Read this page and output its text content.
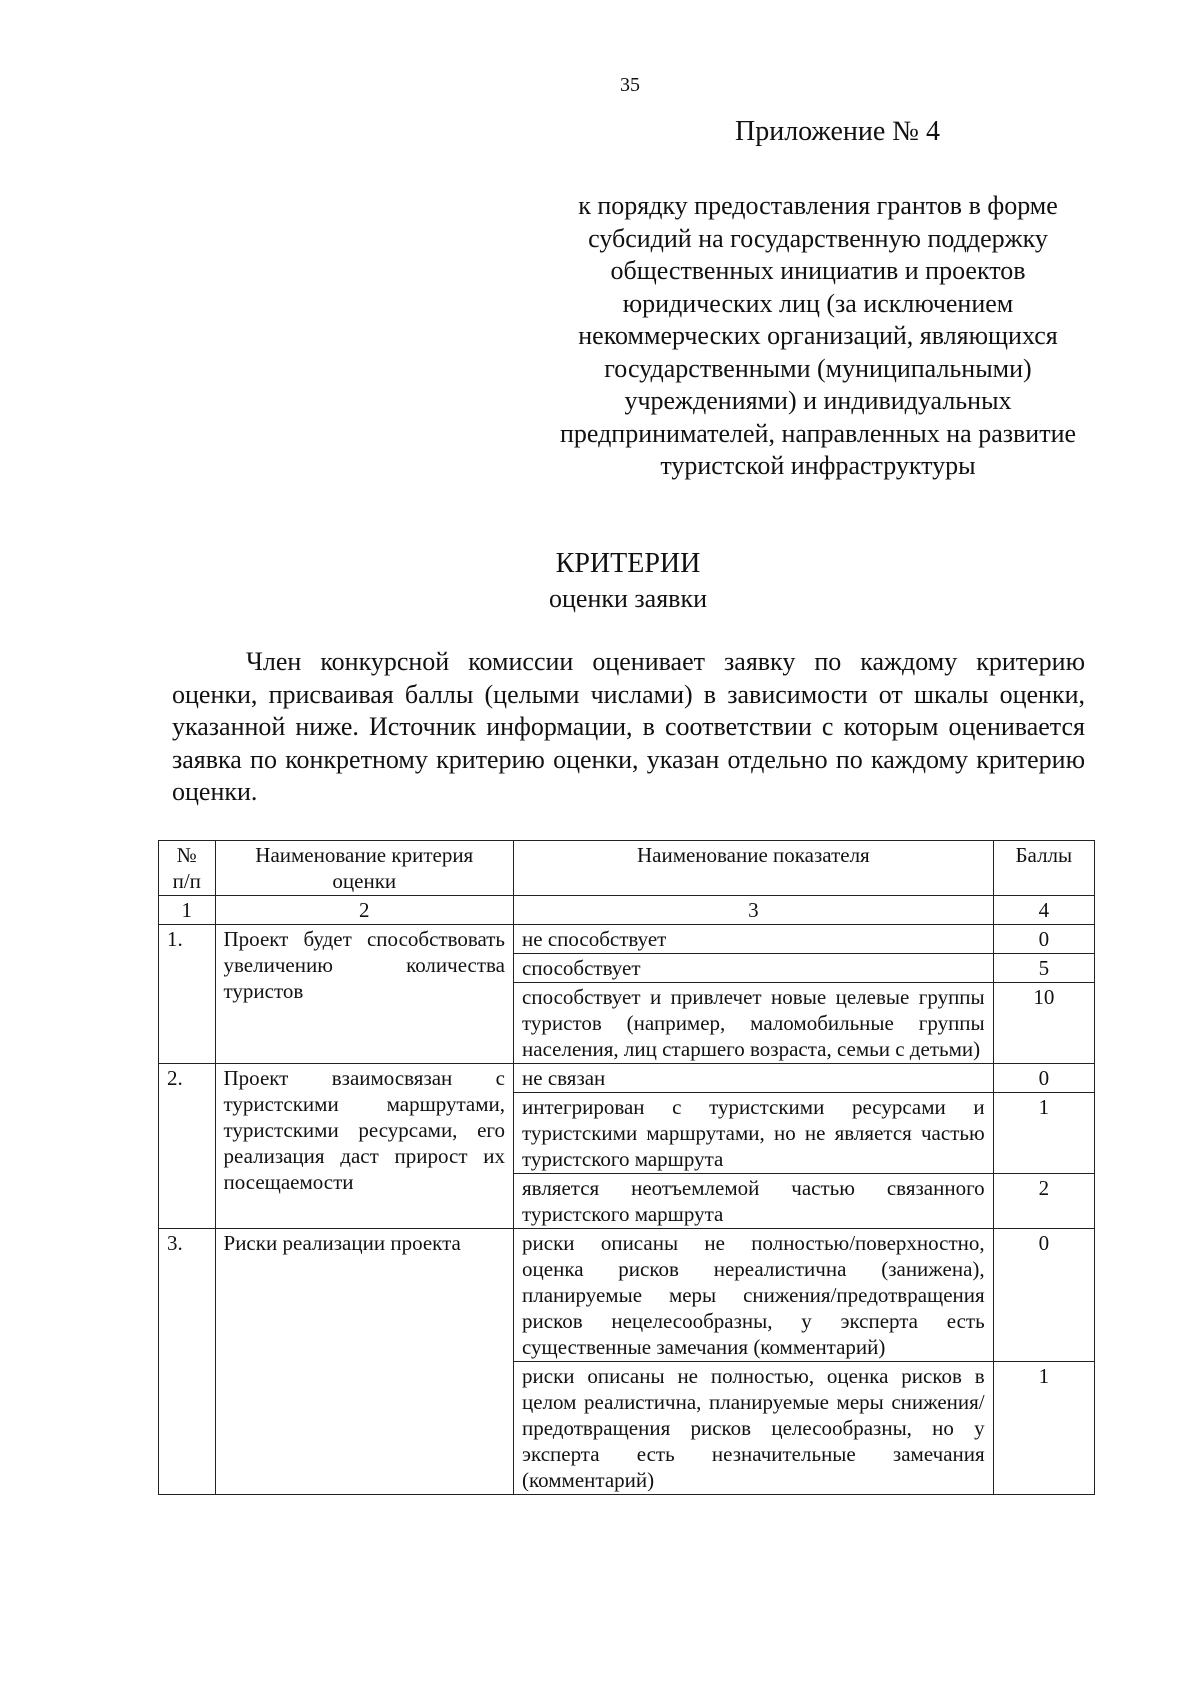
35
Приложение № 4
к порядку предоставления грантов в форме субсидий на государственную поддержку общественных инициатив и проектов юридических лиц (за исключением некоммерческих организаций, являющихся государственными (муниципальными) учреждениями) и индивидуальных предпринимателей, направленных на развитие туристской инфраструктуры
КРИТЕРИИ
оценки заявки

Член конкурсной комиссии оценивает заявку по каждому критерию оценки, присваивая баллы (целыми числами) в зависимости от шкалы оценки, указанной ниже. Источник информации, в соответствии с которым оценивается заявка по конкретному критерию оценки, указан отдельно по каждому критерию оценки.

№ п/п	Наименование критерия оценки	Наименование показателя	Баллы
1	2	3	4
1.	Проект будет способствовать увеличению количества туристов	не способствует	0
		способствует	5
		способствует и привлечет новые целевые группы туристов (например, маломобильные группы населения, лиц старшего возраста, семьи с детьми)	10
2.	Проект взаимосвязан с туристскими маршрутами, туристскими ресурсами, его реализация даст прирост их посещаемости	не связан	0
		интегрирован с туристскими ресурсами и туристскими маршрутами, но не является частью туристского маршрута	1
		является неотъемлемой частью связанного туристского маршрута	2
3.	Риски реализации проекта	риски описаны не полностью/поверхностно, оценка рисков нереалистична (занижена), планируемые меры снижения/предотвращения рисков нецелесообразны, у эксперта есть существенные замечания (комментарий)	0
		риски описаны не полностью, оценка рисков в целом реалистична, планируемые меры снижения/предотвращения рисков целесообразны, но у эксперта есть незначительные замечания (комментарий)	1
